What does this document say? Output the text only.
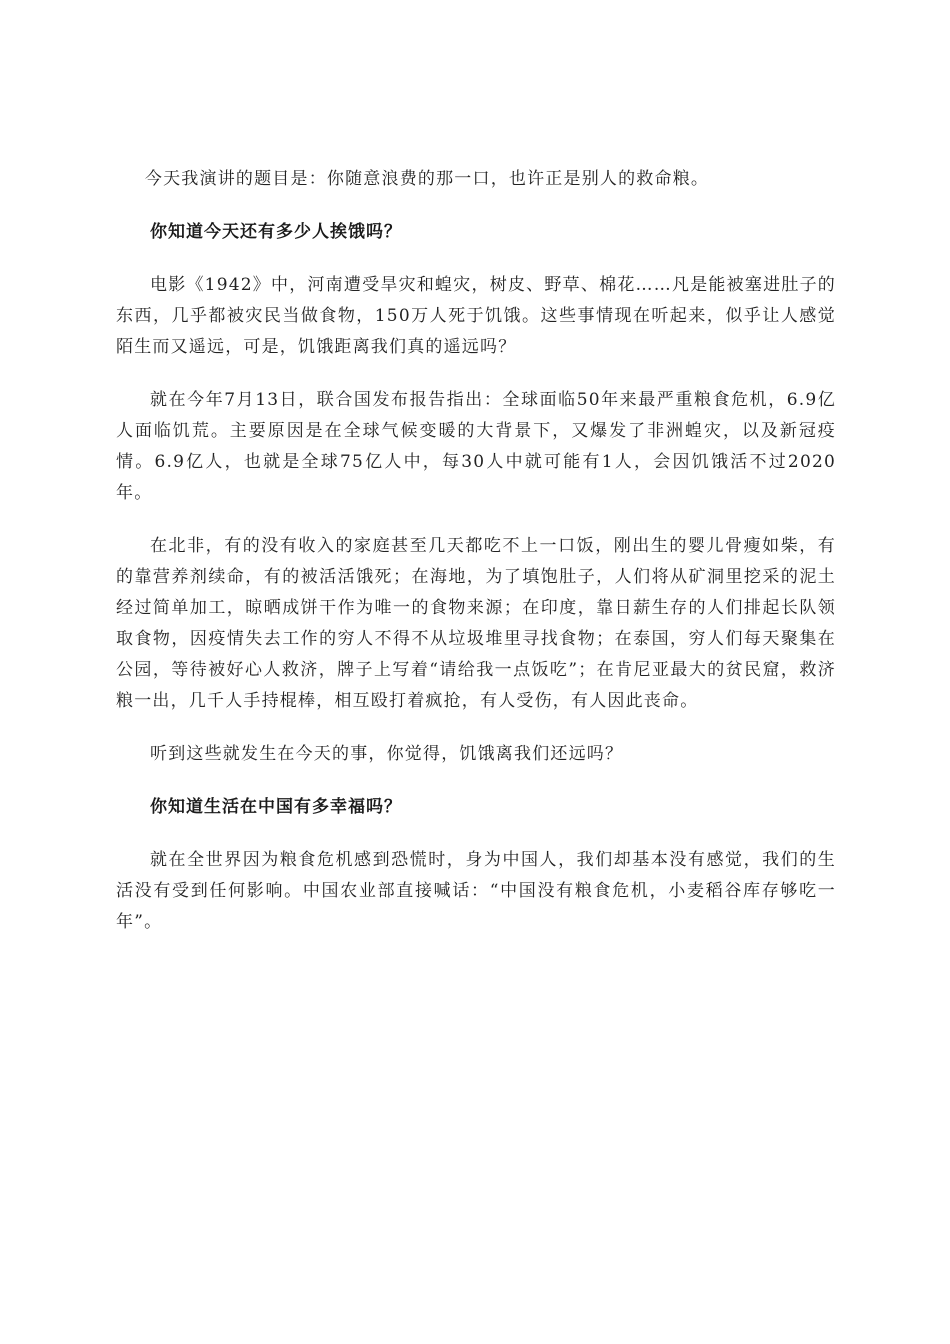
今天我演讲的题目是：你随意浪费的那一口，也许正是别人的救命粮。

你知道今天还有多少人挨饿吗？

电影《1942》中，河南遭受旱灾和蝗灾，树皮、野草、棉花……凡是能被塞进肚子的东西，几乎都被灾民当做食物，150万人死于饥饿。这些事情现在听起来，似乎让人感觉陌生而又遥远，可是，饥饿距离我们真的遥远吗？

就在今年7月13日，联合国发布报告指出：全球面临50年来最严重粮食危机，6.9亿人面临饥荒。主要原因是在全球气候变暖的大背景下，又爆发了非洲蝗灾，以及新冠疫情。6.9亿人，也就是全球75亿人中，每30人中就可能有1人，会因饥饿活不过2020年。

在北非，有的没有收入的家庭甚至几天都吃不上一口饭，刚出生的婴儿骨瘦如柴，有的靠营养剂续命，有的被活活饿死；在海地，为了填饱肚子，人们将从矿洞里挖采的泥土经过简单加工，晾晒成饼干作为唯一的食物来源；在印度，靠日薪生存的人们排起长队领取食物，因疫情失去工作的穷人不得不从垃圾堆里寻找食物；在泰国，穷人们每天聚集在公园，等待被好心人救济，牌子上写着“请给我一点饭吃”；在肯尼亚最大的贫民窟，救济粮一出，几千人手持棍棒，相互殴打着疯抢，有人受伤，有人因此丧命。

听到这些就发生在今天的事，你觉得，饥饿离我们还远吗？

你知道生活在中国有多幸福吗？

就在全世界因为粮食危机感到恐慌时，身为中国人，我们却基本没有感觉，我们的生活没有受到任何影响。中国农业部直接喊话：“中国没有粮食危机，小麦稻谷库存够吃一年”。
